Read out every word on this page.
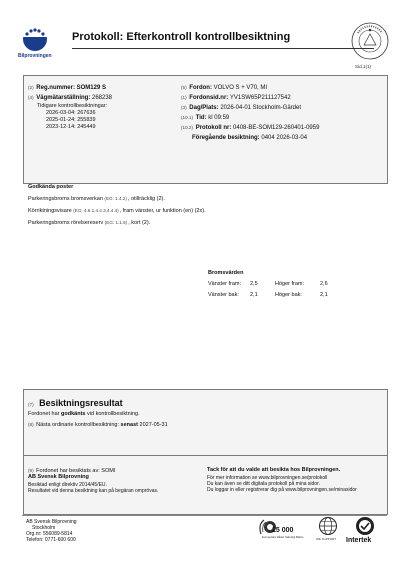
Bilprovningen
Protokoll: Efterkontroll kontrollbesiktning
Sid.1(1)
(2) Reg.nummer: SOM129 S
(4) Vägmätarställning: 268238
Tidigare kontrollbesiktningar:
2026-03-04: 267636
2025-01-24: 255839
2023-12-14: 245449
(5) Fordon: VOLVO S + V70, MI
(1) Fordonsid.nr: YV1SW65P211127542
(3) Dag/Plats: 2026-04-01 Stockholm-Gärdet
(10.1) Tid: kl 09:59
(10.2) Protokoll nr: 0408-BE-SOM129-260401-0959
Föregående besiktning: 0404 2026-03-04
Godkända poster
Parkeringsbroms bromsverkan (EG: 1.4.2), otillräcklig (2).
Körriktningsvisare (EG: 4.6.1,4.4.3,4.4.4), fram vänster, ur funktion (en) (2x).
Parkeringsbroms rörelsereserv (EG: 1.1.6), kort (2).
Bromsvärden
Vänster fram: 2,5	Höger fram:	2,6
Vänster bak: 2,1	Höger bak:	2,1
(7) Besiktningsresultat
Fordonet har godkänts vid kontrollbesiktning.
(8) Nästa ordinarie kontrollbesiktning: senast 2027-05-31
(9) Fordonet har besiktats av: SOMI
AB Svensk Bilprovning
Besiktad enligt direktiv 2014/45/EU.
Resultatet vid denna besiktning kan på begäran omprövas.
Tack för att du valde att besikta hos Bilprovningen.
För mer information se www.bilprovningen.se/protokoll
Du kan även se ditt digitala protokoll på mina sidor.
Du loggar in eller registrerar dig på www.bilprovningen.se/minasidor
AB Svensk Bilprovning
Stockholm
Org.nr: 556089-5814
Telefon: 0771-600 600
25 000
Europeiska Rådet Ständigt Bättre	WE SUPPORT Intertek
